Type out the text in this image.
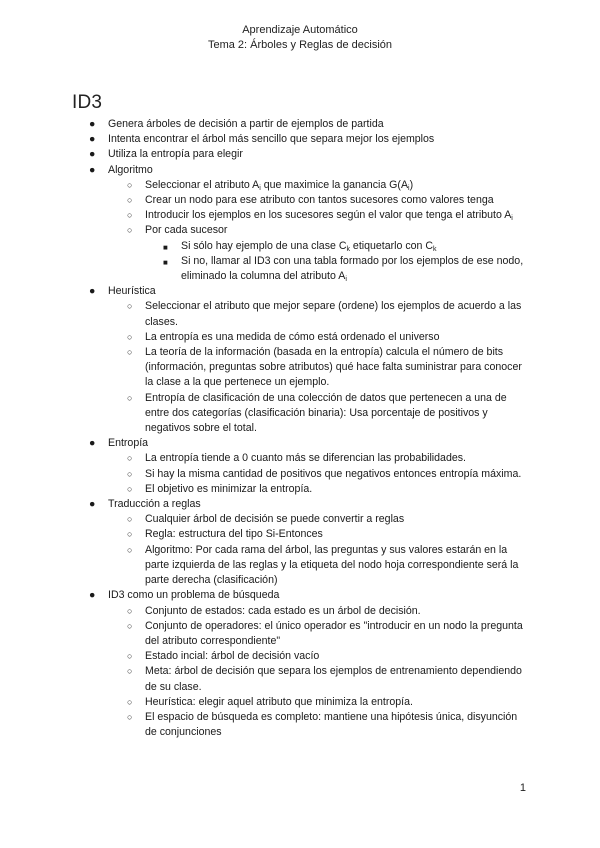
Aprendizaje Automático
Tema 2: Árboles y Reglas de decisión
ID3
● Genera árboles de decisión a partir de ejemplos de partida
● Intenta encontrar el árbol más sencillo que separa mejor los ejemplos
● Utiliza la entropía para elegir
● Algoritmo
○ Seleccionar el atributo $A_i$ que maximice la ganancia $G(A_i)$
○ Crear un nodo para ese atributo con tantos sucesores como valores tenga
○ Introducir los ejemplos en los sucesores según el valor que tenga el atributo $A_i$
○ Por cada sucesor
■ Si sólo hay ejemplo de una clase $C_k$ etiquetarlo con $C_k$
■ Si no, llamar al ID3 con una tabla formado por los ejemplos de ese nodo, eliminado la columna del atributo $A_i$
● Heurística
○ Seleccionar el atributo que mejor separe (ordene) los ejemplos de acuerdo a las clases.
○ La entropía es una medida de cómo está ordenado el universo
○ La teoría de la información (basada en la entropía) calcula el número de bits (información, preguntas sobre atributos) qué hace falta suministrar para conocer la clase a la que pertenece un ejemplo.
○ Entropía de clasificación de una colección de datos que pertenecen a una de entre dos categorías (clasificación binaria): Usa porcentaje de positivos y negativos sobre el total.
● Entropía
○ La entropía tiende a 0 cuanto más se diferencian las probabilidades.
○ Si hay la misma cantidad de positivos que negativos entonces entropía máxima.
○ El objetivo es minimizar la entropía.
● Traducción a reglas
○ Cualquier árbol de decisión se puede convertir a reglas
○ Regla: estructura del tipo Si-Entonces
○ Algoritmo: Por cada rama del árbol, las preguntas y sus valores estarán en la parte izquierda de las reglas y la etiqueta del nodo hoja correspondiente será la parte derecha (clasificación)
● ID3 como un problema de búsqueda
○ Conjunto de estados: cada estado es un árbol de decisión.
○ Conjunto de operadores: el único operador es "introducir en un nodo la pregunta del atributo correspondiente"
○ Estado incial: árbol de decisión vacío
○ Meta: árbol de decisión que separa los ejemplos de entrenamiento dependiendo de su clase.
○ Heurística: elegir aquel atributo que minimiza la entropía.
○ El espacio de búsqueda es completo: mantiene una hipótesis única, disyunción de conjunciones
1
